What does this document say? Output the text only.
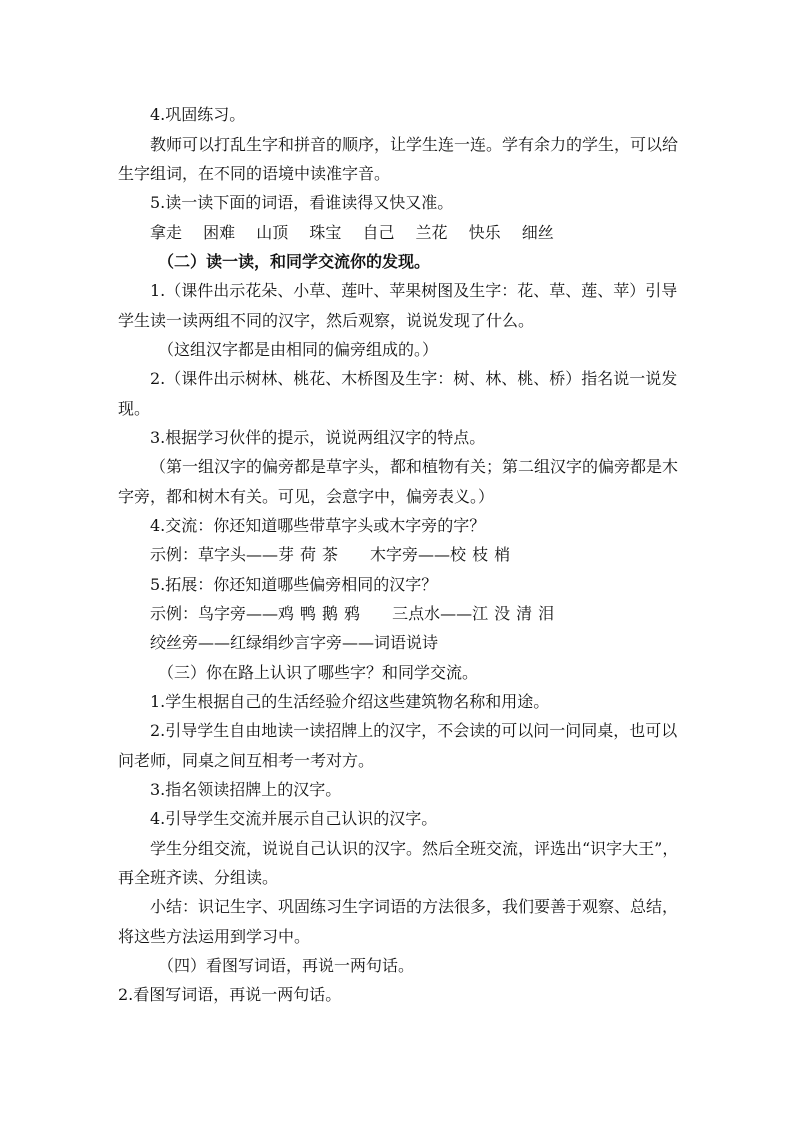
4.巩固练习。
教师可以打乱生字和拼音的顺序，让学生连一连。学有余力的学生，可以给
生字组词，在不同的语境中读准字音。
5.读一读下面的词语，看谁读得又快又准。
拿走 困难 山顶 珠宝 自己 兰花 快乐 细丝
（二）读一读，和同学交流你的发现。
1.（课件出示花朵、小草、莲叶、苹果树图及生字：花、草、莲、苹）引导
学生读一读两组不同的汉字，然后观察，说说发现了什么。
（这组汉字都是由相同的偏旁组成的。）
2.（课件出示树林、桃花、木桥图及生字：树、林、桃、桥）指名说一说发
现。
3.根据学习伙伴的提示，说说两组汉字的特点。
（第一组汉字的偏旁都是草字头，都和植物有关；第二组汉字的偏旁都是木
字旁，都和树木有关。可见，会意字中，偏旁表义。）
4.交流：你还知道哪些带草字头或木字旁的字？
示例：草字头——芽 荷 茶 木字旁——校 枝 梢
5.拓展：你还知道哪些偏旁相同的汉字？
示例：鸟字旁——鸡 鸭 鹅 鸦 三点水——江 没 清 泪
绞丝旁——红绿绢纱言字旁——词语说诗
（三）你在路上认识了哪些字？和同学交流。
1.学生根据自己的生活经验介绍这些建筑物名称和用途。
2.引导学生自由地读一读招牌上的汉字，不会读的可以问一问同桌，也可以
问老师，同桌之间互相考一考对方。
3.指名领读招牌上的汉字。
4.引导学生交流并展示自己认识的汉字。
学生分组交流，说说自己认识的汉字。然后全班交流，评选出“识字大王”，
再全班齐读、分组读。
小结：识记生字、巩固练习生字词语的方法很多，我们要善于观察、总结，
将这些方法运用到学习中。
（四）看图写词语，再说一两句话。
2.看图写词语，再说一两句话。
